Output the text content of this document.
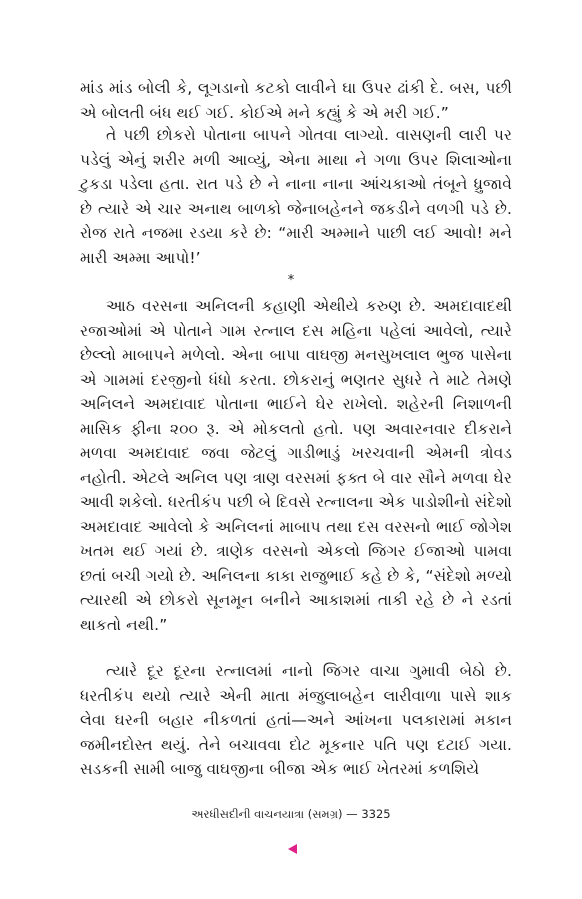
માંડ માંડ બોલી કે, લૂગડાનો કટકો લાવીને ઘા ઉપર ઢાંકી દે. બસ, પછી એ બોલતી બંધ થઈ ગઈ. કોઈએ મને કહ્યું કે એ મરી ગઈ.”

તે પછી છોકરો પોતાના બાપને ગોતવા લાગ્યો. વાસણની લારી પર પડેલું એનું શરીર મળી આવ્યું, એના માથા ને ગળા ઉપર શિલાઓના ટુકડા પડેલા હતા. રાત પડે છે ને નાના નાના આંચકાઓ તંબૂને ધ્રુજાવે છે ત્યારે એ ચાર અનાથ બાળકો જેનાબહેનને જકડીને વળગી પડે છે. રોજ રાતે નજમા રડયા કરે છે: “મારી અમ્માને પાછી લઈ આવો! મને મારી અમ્મા આપો!’

*

આઠ વરસના અનિલની કહાણી એથીયે કરુણ છે. અમદાવાદથી રજાઓમાં એ પોતાને ગામ રત્નાલ દસ મહિના પહેલાં આવેલો, ત્યારે છેલ્લો માબાપને મળેલો. એના બાપા વાઘજી મનસુખલાલ ભુજ પાસેના એ ગામમાં દરજીનો ધંધો કરતા. છોકરાનું ભણતર સુધરે તે માટે તેમણે અનિલને અમદાવાદ પોતાના ભાઈને ઘેર રાખેલો. શહેરની નિશાળની માસિક ફીના ૨૦૦ રૂ. એ મોકલતો હતો. પણ અવારનવાર દીકરાને મળવા અમદાવાદ જવા જેટલું ગાડીભાડું ખરચવાની એમની ત્રોવડ નહોતી. એટલે અનિલ પણ ત્રાણ વરસમાં ફક્ત બે વાર સૌને મળવા ઘેર આવી શકેલો. ધરતીકંપ પછી બે દિવસે રત્નાલના એક પાડોશીનો સંદેશો અમદાવાદ આવેલો કે અનિલનાં માબાપ તથા દસ વરસનો ભાઈ જોગેશ ખતમ થઈ ગયાં છે. ત્રાણેક વરસનો એકલો જિગર ઈજાઓ પામવા છતાં બચી ગયો છે. અનિલના કાકા રાજુભાઈ કહે છે કે, “સંદેશો મળ્યો ત્યારથી એ છોકરો સૂનમૂન બનીને આકાશમાં તાકી રહે છે ને રડતાં થાકતો નથી.”

ત્યારે દૂર દૂરના રત્નાલમાં નાનો જિગર વાચા ગુમાવી બેઠો છે. ધરતીકંપ થયો ત્યારે એની માતા મંજુલાબહેન લારીવાળા પાસે શાક લેવા ઘરની બહાર નીકળતાં હતાં—અને આંખના પલકારામાં મકાન જમીનદોસ્ત થયું. તેને બચાવવા દોટ મૂકનાર પતિ પણ દટાઈ ગયા. સડકની સામી બાજુ વાઘજીના બીજા એક ભાઈ ખેતરમાં કળશિયે

અરધીસદીની વાચનયાત્રા (સમગ્ર) — 3325
